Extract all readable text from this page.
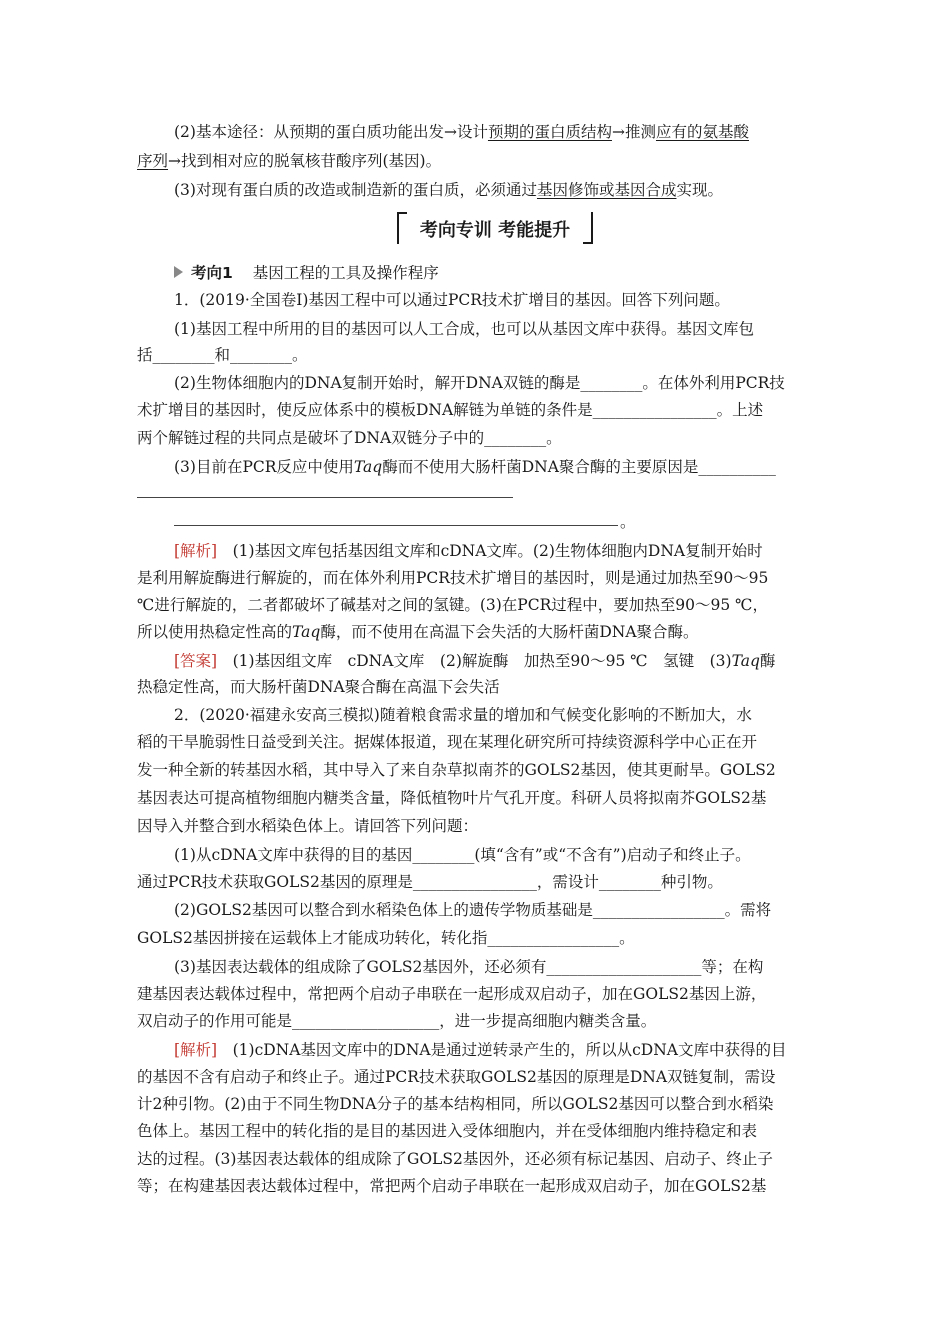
(2)基本途径：从预期的蛋白质功能出发→设计预期的蛋白质结构→推测应有的氨基酸
序列→找到相对应的脱氧核苷酸序列(基因)。
(3)对现有蛋白质的改造或制造新的蛋白质，必须通过基因修饰或基因合成实现。
考向专训 考能提升
考向1 基因工程的工具及操作程序
1．(2019·全国卷Ⅰ)基因工程中可以通过PCR技术扩增目的基因。回答下列问题。
(1)基因工程中所用的目的基因可以人工合成，也可以从基因文库中获得。基因文库包
括________和________。
(2)生物体细胞内的DNA复制开始时，解开DNA双链的酶是________。在体外利用PCR技
术扩增目的基因时，使反应体系中的模板DNA解链为单链的条件是________________。上述
两个解链过程的共同点是破坏了DNA双链分子中的________。
(3)目前在PCR反应中使用Taq酶而不使用大肠杆菌DNA聚合酶的主要原因是__________
。
[解析]　(1)基因文库包括基因组文库和cDNA文库。(2)生物体细胞内DNA复制开始时
是利用解旋酶进行解旋的，而在体外利用PCR技术扩增目的基因时，则是通过加热至90～95
℃进行解旋的，二者都破坏了碱基对之间的氢键。(3)在PCR过程中，要加热至90～95 ℃，
所以使用热稳定性高的Taq酶，而不使用在高温下会失活的大肠杆菌DNA聚合酶。
[答案]　(1)基因组文库　cDNA文库　(2)解旋酶　加热至90～95 ℃　氢键　(3)Taq酶
热稳定性高，而大肠杆菌DNA聚合酶在高温下会失活
2．(2020·福建永安高三模拟)随着粮食需求量的增加和气候变化影响的不断加大，水
稻的干旱脆弱性日益受到关注。据媒体报道，现在某理化研究所可持续资源科学中心正在开
发一种全新的转基因水稻，其中导入了来自杂草拟南芥的GOLS2基因，使其更耐旱。GOLS2
基因表达可提高植物细胞内糖类含量，降低植物叶片气孔开度。科研人员将拟南芥GOLS2基
因导入并整合到水稻染色体上。请回答下列问题：
(1)从cDNA文库中获得的目的基因________(填“含有”或“不含有”)启动子和终止子。
通过PCR技术获取GOLS2基因的原理是________________，需设计________种引物。
(2)GOLS2基因可以整合到水稻染色体上的遗传学物质基础是_________________。需将
GOLS2基因拼接在运载体上才能成功转化，转化指_________________。
(3)基因表达载体的组成除了GOLS2基因外，还必须有____________________等；在构
建基因表达载体过程中，常把两个启动子串联在一起形成双启动子，加在GOLS2基因上游，
双启动子的作用可能是___________________，进一步提高细胞内糖类含量。
[解析]　(1)cDNA基因文库中的DNA是通过逆转录产生的，所以从cDNA文库中获得的目
的基因不含有启动子和终止子。通过PCR技术获取GOLS2基因的原理是DNA双链复制，需设
计2种引物。(2)由于不同生物DNA分子的基本结构相同，所以GOLS2基因可以整合到水稻染
色体上。基因工程中的转化指的是目的基因进入受体细胞内，并在受体细胞内维持稳定和表
达的过程。(3)基因表达载体的组成除了GOLS2基因外，还必须有标记基因、启动子、终止子
等；在构建基因表达载体过程中，常把两个启动子串联在一起形成双启动子，加在GOLS2基
